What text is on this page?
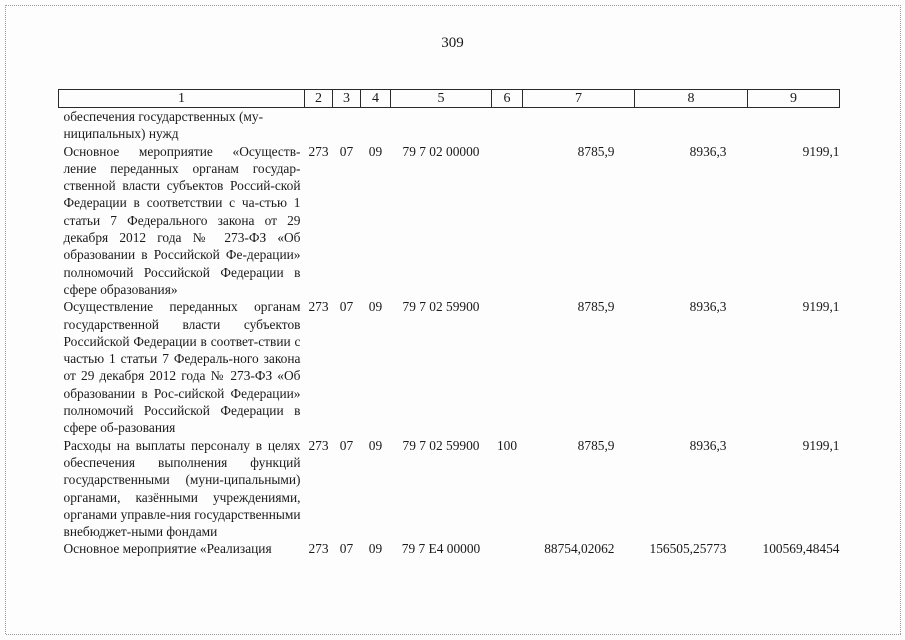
309
1	2	3	4	5	6	7	8	9
обеспечения государственных (му-ниципальных) нужд								
Основное мероприятие «Осуществ-ление переданных органам государ-ственной власти субъектов Россий-ской Федерации в соответствии с ча-стью 1 статьи 7 Федерального закона от 29 декабря 2012 года № 273-ФЗ «Об образовании в Российской Фе-дерации» полномочий Российской Федерации в сфере образования»	273	07	09	79 7 02 00000		8785,9	8936,3	9199,1
Осуществление переданных органам государственной власти субъектов Российской Федерации в соответ-ствии с частью 1 статьи 7 Федераль-ного закона от 29 декабря 2012 года № 273-ФЗ «Об образовании в Рос-сийской Федерации» полномочий Российской Федерации в сфере об-разования	273	07	09	79 7 02 59900		8785,9	8936,3	9199,1
Расходы на выплаты персоналу в целях обеспечения выполнения функций государственными (муни-ципальными) органами, казёнными учреждениями, органами управле-ния государственными внебюджет-ными фондами	273	07	09	79 7 02 59900	100	8785,9	8936,3	9199,1
Основное мероприятие «Реализация	273	07	09	79 7 E4 00000		88754,02062	156505,25773	100569,48454
